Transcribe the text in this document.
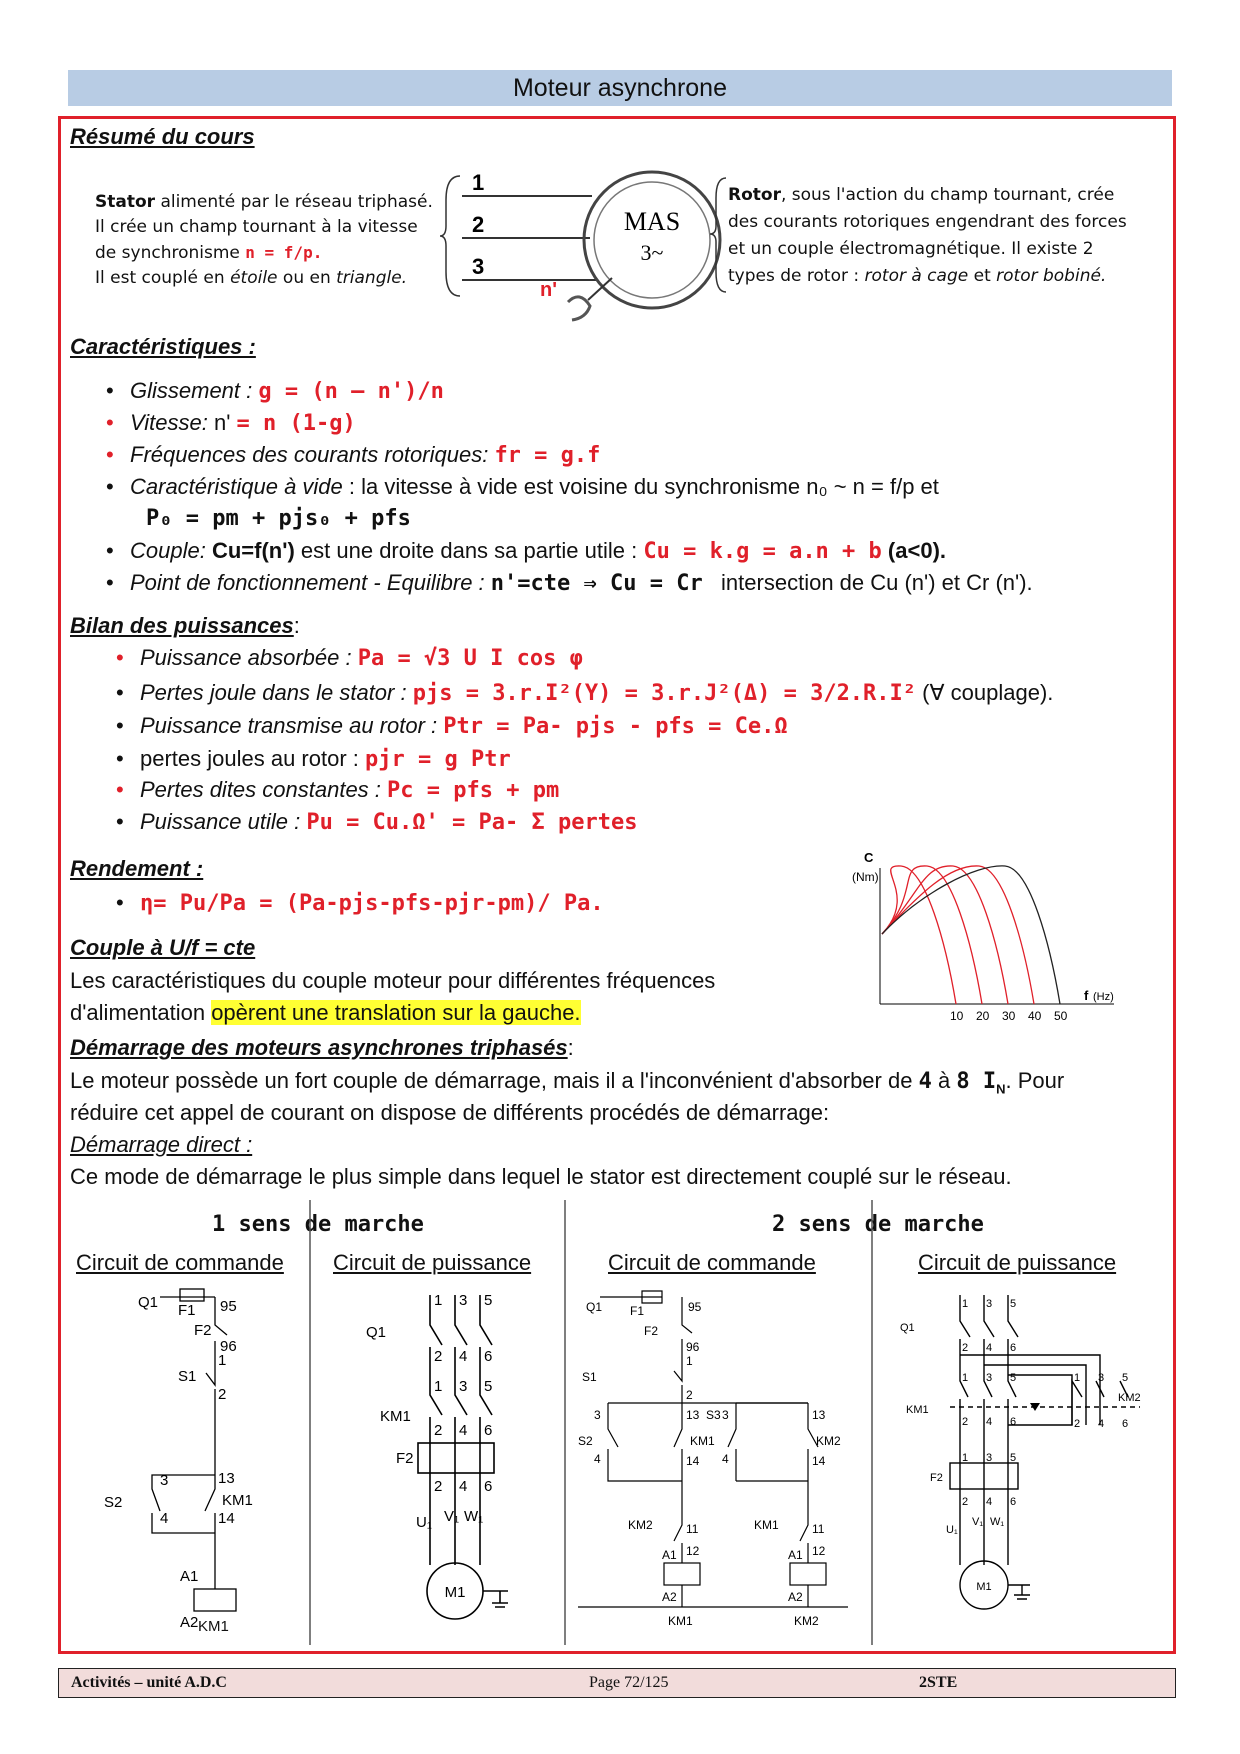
Moteur asynchrone
Résumé du cours
Stator alimenté par le réseau triphasé.
Il crée un champ tournant à la vitesse
de synchronisme n = f/p.
Il est couplé en étoile ou en triangle.
1
2
3
MAS
3~
n'
Rotor, sous l'action du champ tournant, crée
des courants rotoriques engendrant des forces
et un couple électromagnétique. Il existe 2
types de rotor : rotor à cage et rotor bobiné.
Caractéristiques :
• Glissement : g = (n – n')/n
• Vitesse: n' = n (1-g)
• Fréquences des courants rotoriques: fr = g.f
• Caractéristique à vide : la vitesse à vide est voisine du synchronisme n₀ ~ n = f/p et
P₀ = pm + pjs₀ + pfs
• Couple: Cu=f(n') est une droite dans sa partie utile : Cu = k.g = a.n + b (a<0).
• Point de fonctionnement - Equilibre : n'=cte ⇒ Cu = Cr intersection de Cu (n') et Cr (n').
Bilan des puissances:
• Puissance absorbée : Pa = √3 U I cos φ
• Pertes joule dans le stator : pjs = 3.r.I²(Y) = 3.r.J²(Δ) = 3/2.R.I² (∀ couplage).
• Puissance transmise au rotor : Ptr = Pa- pjs - pfs = Ce.Ω
• pertes joules au rotor : pjr = g Ptr
• Pertes dites constantes : Pc = pfs + pm
• Puissance utile : Pu = Cu.Ω' = Pa- Σ pertes
Rendement :
• η= Pu/Pa = (Pa-pjs-pfs-pjr-pm)/ Pa.
Couple à U/f = cte
Les caractéristiques du couple moteur pour différentes fréquences
d'alimentation opèrent une translation sur la gauche.
C
(Nm)
f (Hz)
10 20 30 40 50
Démarrage des moteurs asynchrones triphasés:
Le moteur possède un fort couple de démarrage, mais il a l'inconvénient d'absorber de 4 à 8 $I_N$. Pour
réduire cet appel de courant on dispose de différents procédés de démarrage:
Démarrage direct :
Ce mode de démarrage le plus simple dans lequel le stator est directement couplé sur le réseau.
1 sens de marche	2 sens de marche
Circuit de commande Circuit de puissance	Circuit de commande	Circuit de puissance
Q1 F1
F2
95
96
1
2
S1
3	13
4	14
S2	KM1
A1
A2 KM1
1 3 5
2 4 6
Q1
1 3 5
KM1
2 4 6
F2
2 4 6
U₁ V₁ W₁
M1
Q1 F1	95
F2
96
1
S1
2
3
S2
4
13
KM1
14
11
KM2
12
A1
A2
KM1
S3 3
4
13
KM2
14
11
KM1
12
A1
A2
KM2
1 3 5
Q1
2 4 6
1 3 5
KM1
2 4 6
1 3 5
KM2
2 4 6
1 3 5
F2
2 4 6
U₁
V₁ W₁
M1
Activités – unité A.D.C	Page 72/125	2STE
